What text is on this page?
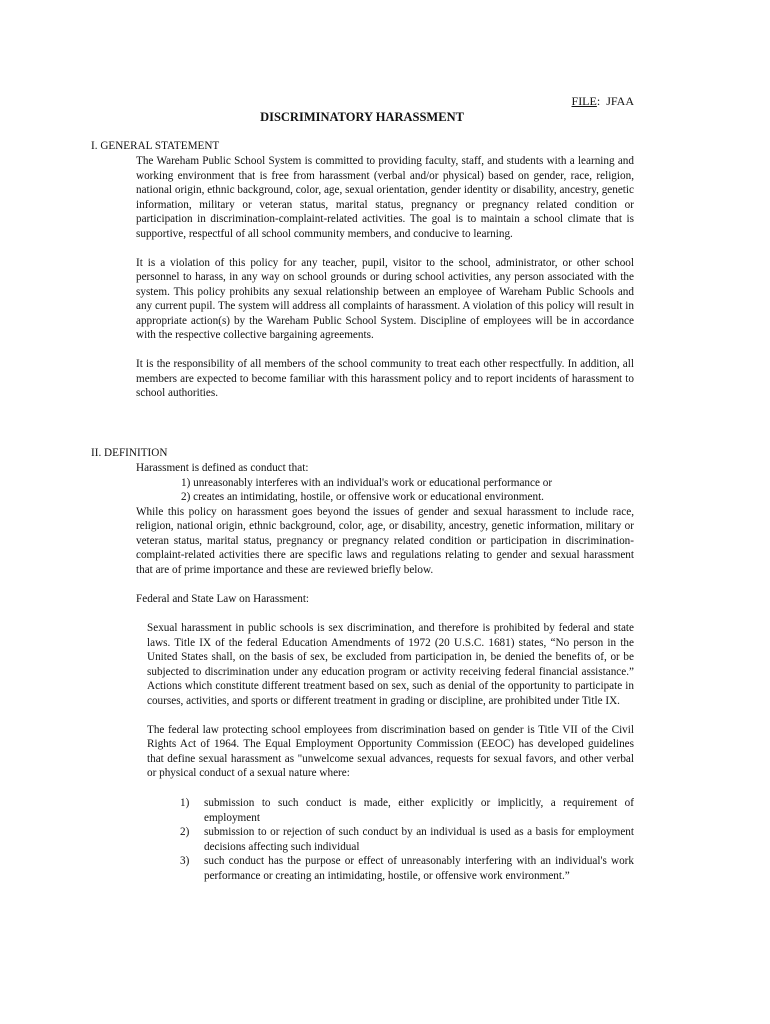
FILE:  JFAA
DISCRIMINATORY HARASSMENT

I. GENERAL STATEMENT

The Wareham Public School System is committed to providing faculty, staff, and students with a learning and working environment that is free from harassment (verbal and/or physical) based on gender, race, religion, national origin, ethnic background, color, age, sexual orientation, gender identity or disability, ancestry, genetic information, military or veteran status, marital status, pregnancy or pregnancy related condition or participation in discrimination-complaint-related activities. The goal is to maintain a school climate that is supportive, respectful of all school community members, and conducive to learning.

It is a violation of this policy for any teacher, pupil, visitor to the school, administrator, or other school personnel to harass, in any way on school grounds or during school activities, any person associated with the system. This policy prohibits any sexual relationship between an employee of Wareham Public Schools and any current pupil. The system will address all complaints of harassment. A violation of this policy will result in appropriate action(s) by the Wareham Public School System. Discipline of employees will be in accordance with the respective collective bargaining agreements.

It is the responsibility of all members of the school community to treat each other respectfully. In addition, all members are expected to become familiar with this harassment policy and to report incidents of harassment to school authorities.

II. DEFINITION

Harassment is defined as conduct that:

1) unreasonably interferes with an individual's work or educational performance or

2) creates an intimidating, hostile, or offensive work or educational environment.

While this policy on harassment goes beyond the issues of gender and sexual harassment to include race, religion, national origin, ethnic background, color, age, or disability, ancestry, genetic information, military or veteran status, marital status, pregnancy or pregnancy related condition or participation in discrimination-complaint-related activities there are specific laws and regulations relating to gender and sexual harassment that are of prime importance and these are reviewed briefly below.

Federal and State Law on Harassment:

Sexual harassment in public schools is sex discrimination, and therefore is prohibited by federal and state laws. Title IX of the federal Education Amendments of 1972 (20 U.S.C. 1681) states, “No person in the United States shall, on the basis of sex, be excluded from participation in, be denied the benefits of, or be subjected to discrimination under any education program or activity receiving federal financial assistance.” Actions which constitute different treatment based on sex, such as denial of the opportunity to participate in courses, activities, and sports or different treatment in grading or discipline, are prohibited under Title IX.

The federal law protecting school employees from discrimination based on gender is Title VII of the Civil Rights Act of 1964. The Equal Employment Opportunity Commission (EEOC) has developed guidelines that define sexual harassment as "unwelcome sexual advances, requests for sexual favors, and other verbal or physical conduct of a sexual nature where:

1) submission to such conduct is made, either explicitly or implicitly, a requirement of employment
2) submission to or rejection of such conduct by an individual is used as a basis for employment decisions affecting such individual
3) such conduct has the purpose or effect of unreasonably interfering with an individual's work performance or creating an intimidating, hostile, or offensive work environment.”
